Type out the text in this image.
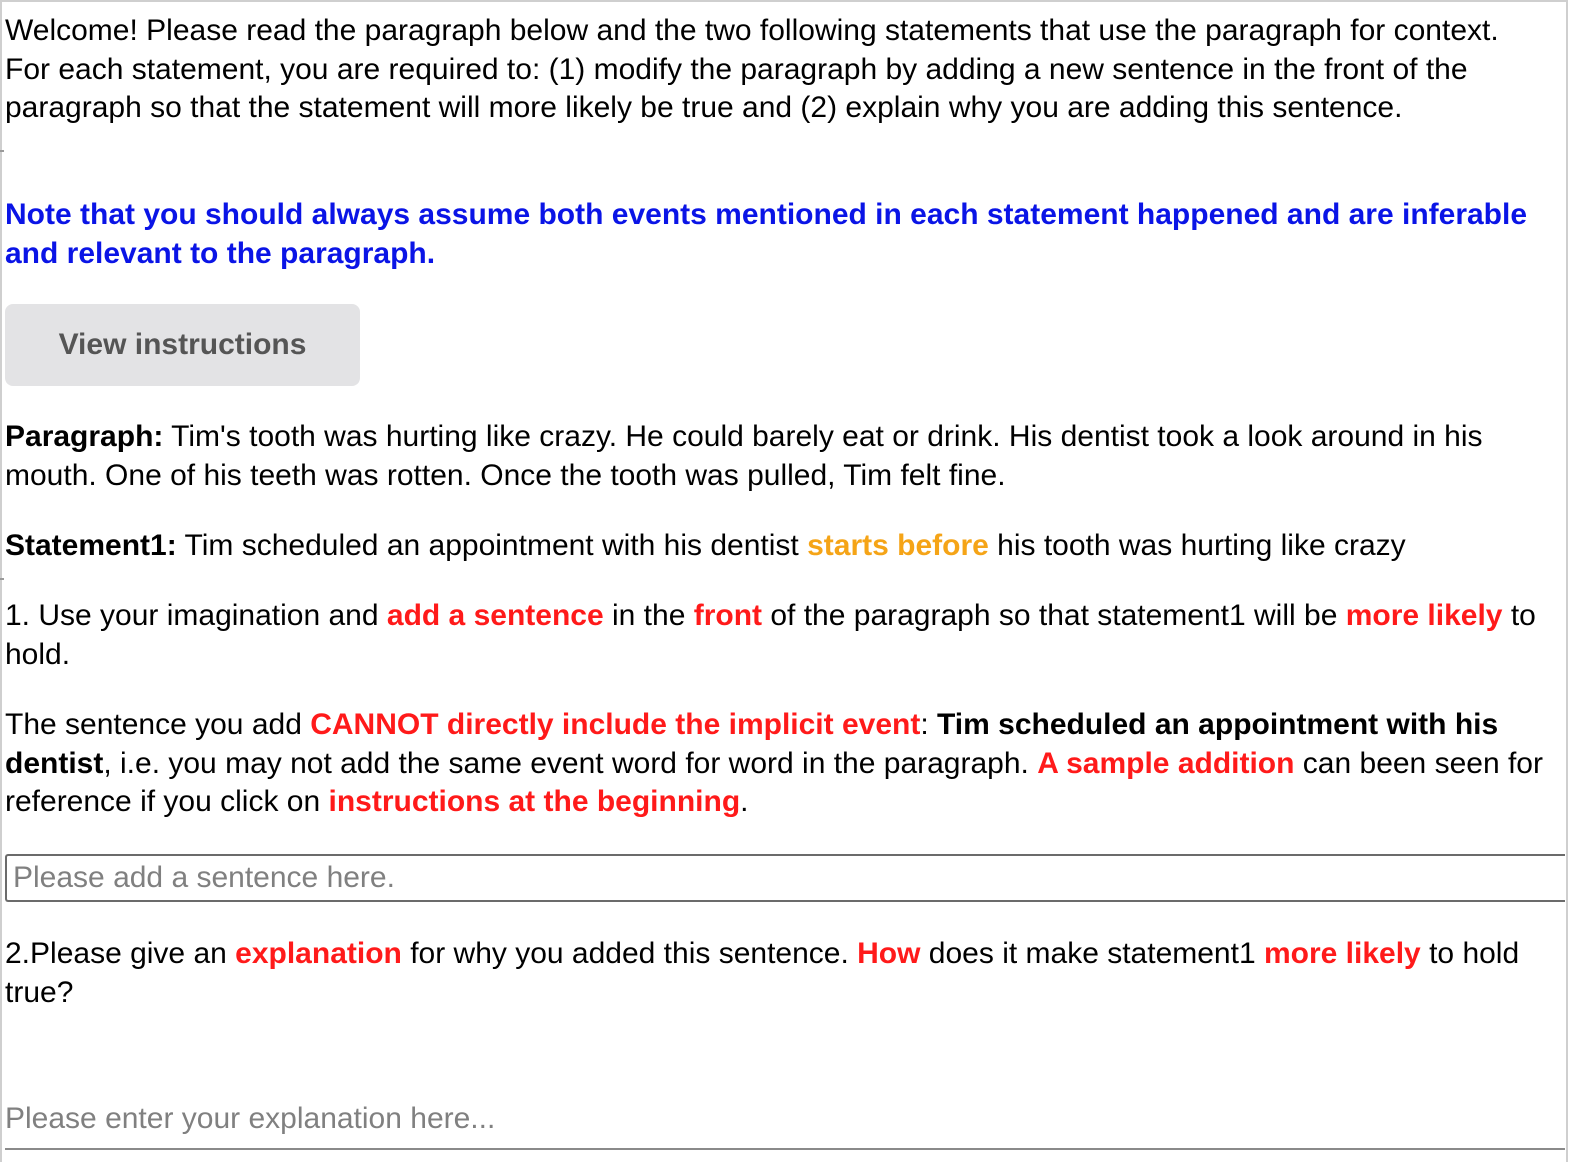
Welcome! Please read the paragraph below and the two following statements that use the paragraph for context. For each statement, you are required to: (1) modify the paragraph by adding a new sentence in the front of the paragraph so that the statement will more likely be true and (2) explain why you are adding this sentence.

Note that you should always assume both events mentioned in each statement happened and are inferable and relevant to the paragraph.

View instructions

Paragraph: Tim's tooth was hurting like crazy. He could barely eat or drink. His dentist took a look around in his mouth. One of his teeth was rotten. Once the tooth was pulled, Tim felt fine.

Statement1: Tim scheduled an appointment with his dentist starts before his tooth was hurting like crazy

1. Use your imagination and add a sentence in the front of the paragraph so that statement1 will be more likely to hold.

The sentence you add CANNOT directly include the implicit event: Tim scheduled an appointment with his dentist, i.e. you may not add the same event word for word in the paragraph. A sample addition can been seen for reference if you click on instructions at the beginning.

Please add a sentence here.

2.Please give an explanation for why you added this sentence. How does it make statement1 more likely to hold true?

Please enter your explanation here...
